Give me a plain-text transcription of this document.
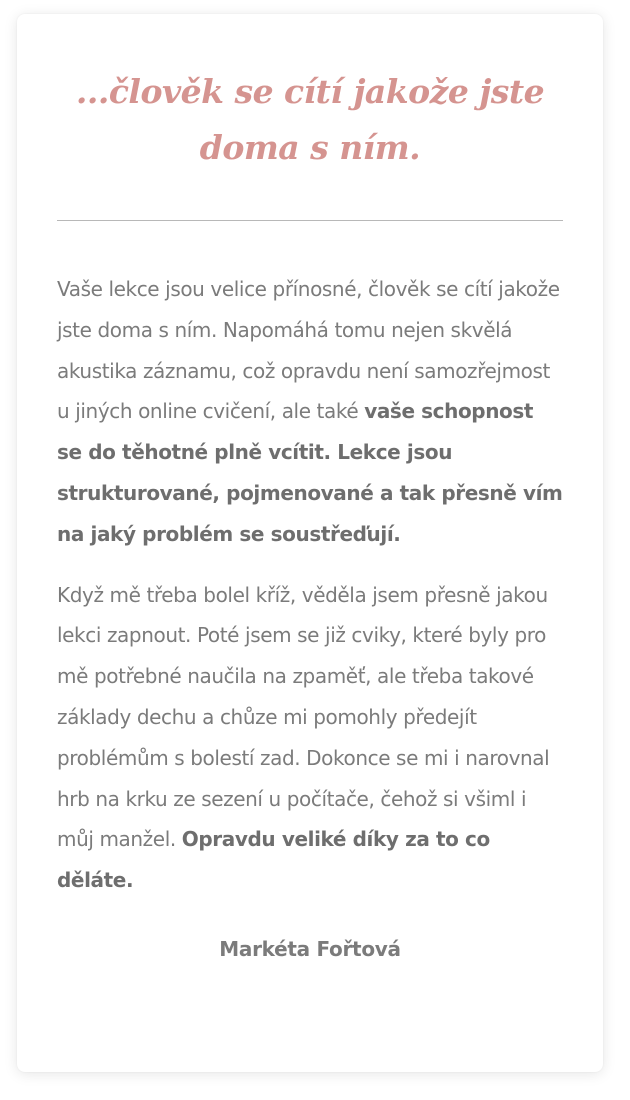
...člověk se cítí jakože jste doma s ním.

Vaše lekce jsou velice přínosné, člověk se cítí jakože jste doma s ním. Napomáhá tomu nejen skvělá akustika záznamu, což opravdu není samozřejmost u jiných online cvičení, ale také vaše schopnost se do těhotné plně vcítit. Lekce jsou strukturované, pojmenované a tak přesně vím na jaký problém se soustřeďují.

Když mě třeba bolel kříž, věděla jsem přesně jakou lekci zapnout. Poté jsem se již cviky, které byly pro mě potřebné naučila na zpaměť, ale třeba takové základy dechu a chůze mi pomohly předejít problémům s bolestí zad. Dokonce se mi i narovnal hrb na krku ze sezení u počítače, čehož si všiml i můj manžel. Opravdu veliké díky za to co děláte.

Markéta Fořtová
